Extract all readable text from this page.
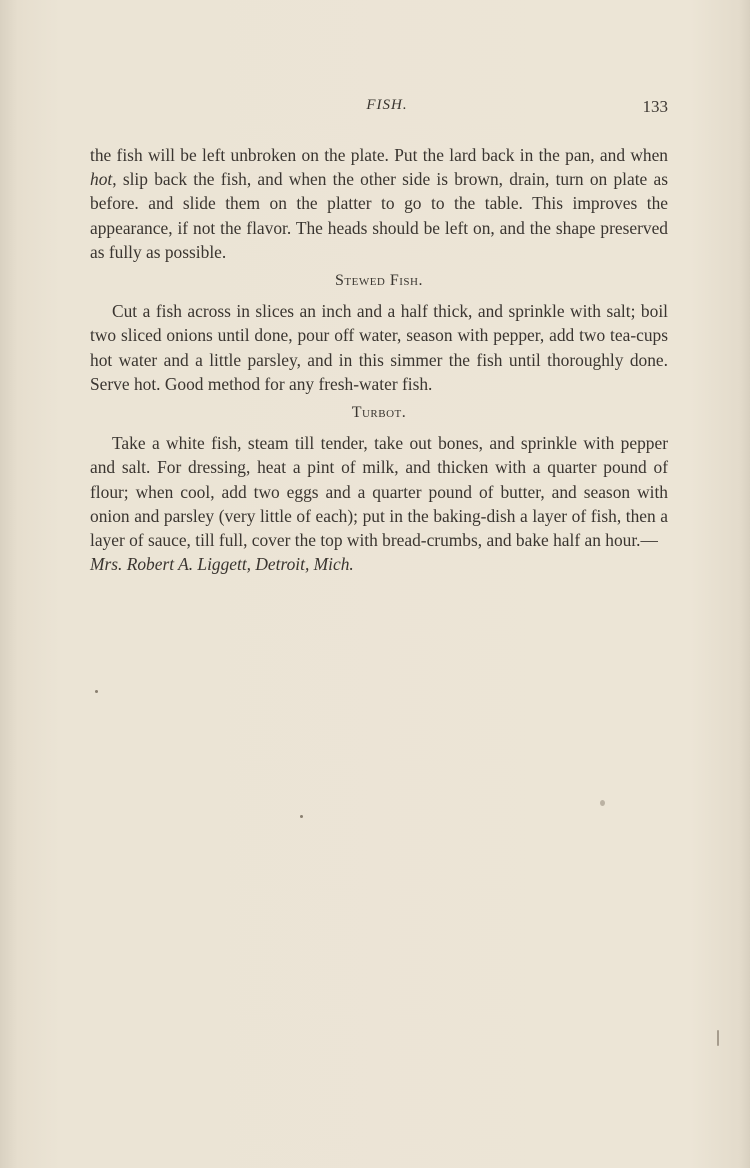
FISH.	133

the fish will be left unbroken on the plate. Put the lard back in the pan, and when hot, slip back the fish, and when the other side is brown, drain, turn on plate as before. and slide them on the platter to go to the table. This improves the appearance, if not the flavor. The heads should be left on, and the shape preserved as fully as possible.

Stewed Fish.

Cut a fish across in slices an inch and a half thick, and sprinkle with salt; boil two sliced onions until done, pour off water, season with pepper, add two tea-cups hot water and a little parsley, and in this simmer the fish until thoroughly done. Serve hot. Good method for any fresh-water fish.

Turbot.

Take a white fish, steam till tender, take out bones, and sprinkle with pepper and salt. For dressing, heat a pint of milk, and thicken with a quarter pound of flour; when cool, add two eggs and a quarter pound of butter, and season with onion and parsley (very little of each); put in the baking-dish a layer of fish, then a layer of sauce, till full, cover the top with bread-crumbs, and bake half an hour.—

Mrs. Robert A. Liggett, Detroit, Mich.
